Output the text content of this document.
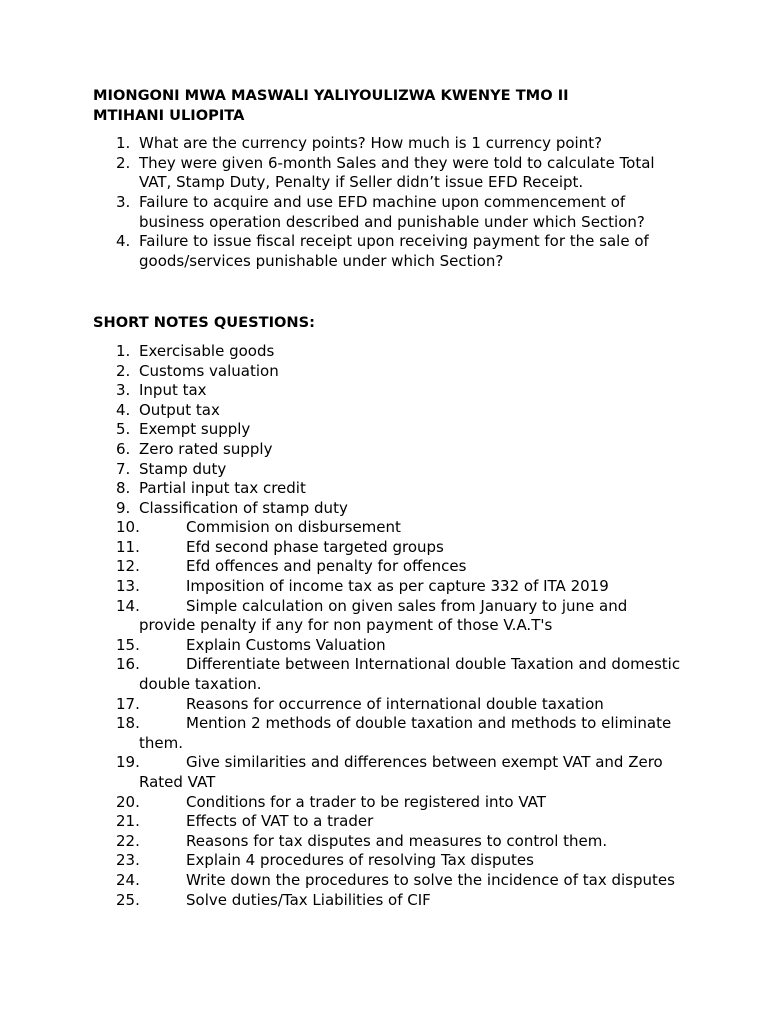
MIONGONI MWA MASWALI YALIYOULIZWA KWENYE TMO II
MTIHANI ULIOPITA
1. What are the currency points? How much is 1 currency point?
2. They were given 6-month Sales and they were told to calculate Total VAT, Stamp Duty, Penalty if Seller didn’t issue EFD Receipt.
3. Failure to acquire and use EFD machine upon commencement of business operation described and punishable under which Section?
4. Failure to issue fiscal receipt upon receiving payment for the sale of goods/services punishable under which Section?
SHORT NOTES QUESTIONS:
1. Exercisable goods
2. Customs valuation
3. Input tax
4. Output tax
5. Exempt supply
6. Zero rated supply
7. Stamp duty
8. Partial input tax credit
9. Classification of stamp duty
10.	Commision on disbursement
11.	Efd second phase targeted groups
12.	Efd offences and penalty for offences
13.	Imposition of income tax as per capture 332 of ITA 2019
14.	Simple calculation on given sales from January to june and provide penalty if any for non payment of those V.A.T's
15.	Explain Customs Valuation
16.	Differentiate between International double Taxation and domestic double taxation.
17.	Reasons for occurrence of international double taxation
18.	Mention 2 methods of double taxation and methods to eliminate them.
19.	Give similarities and differences between exempt VAT and Zero Rated VAT
20.	Conditions for a trader to be registered into VAT
21.	Effects of VAT to a trader
22.	Reasons for tax disputes and measures to control them.
23.	Explain 4 procedures of resolving Tax disputes
24.	Write down the procedures to solve the incidence of tax disputes
25.	Solve duties/Tax Liabilities of CIF
